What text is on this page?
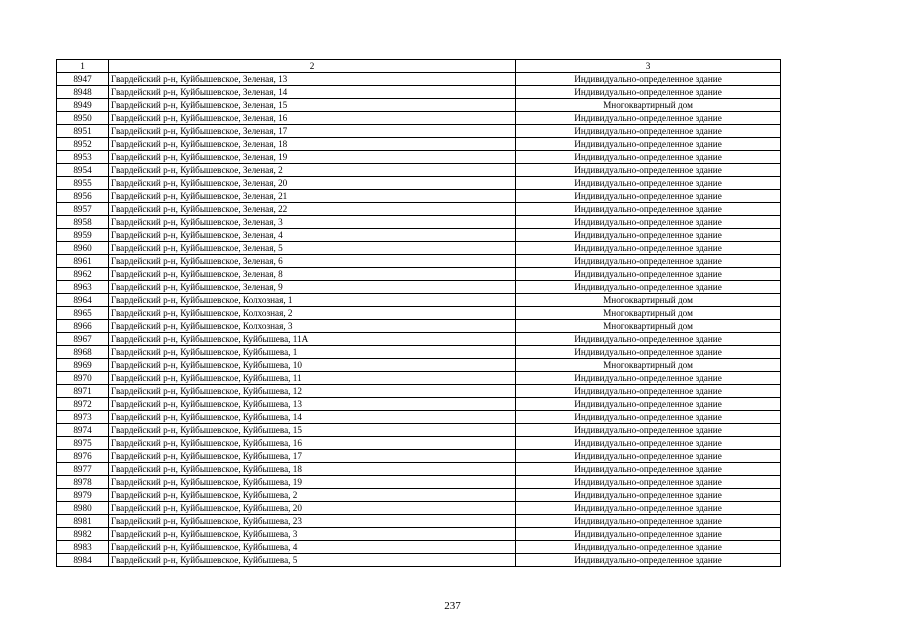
1	2	3
8947	Гвардейский р-н, Куйбышевское, Зеленая, 13	Индивидуально-определенное здание
8948	Гвардейский р-н, Куйбышевское, Зеленая, 14	Индивидуально-определенное здание
8949	Гвардейский р-н, Куйбышевское, Зеленая, 15	Многоквартирный дом
8950	Гвардейский р-н, Куйбышевское, Зеленая, 16	Индивидуально-определенное здание
8951	Гвардейский р-н, Куйбышевское, Зеленая, 17	Индивидуально-определенное здание
8952	Гвардейский р-н, Куйбышевское, Зеленая, 18	Индивидуально-определенное здание
8953	Гвардейский р-н, Куйбышевское, Зеленая, 19	Индивидуально-определенное здание
8954	Гвардейский р-н, Куйбышевское, Зеленая, 2	Индивидуально-определенное здание
8955	Гвардейский р-н, Куйбышевское, Зеленая, 20	Индивидуально-определенное здание
8956	Гвардейский р-н, Куйбышевское, Зеленая, 21	Индивидуально-определенное здание
8957	Гвардейский р-н, Куйбышевское, Зеленая, 22	Индивидуально-определенное здание
8958	Гвардейский р-н, Куйбышевское, Зеленая, 3	Индивидуально-определенное здание
8959	Гвардейский р-н, Куйбышевское, Зеленая, 4	Индивидуально-определенное здание
8960	Гвардейский р-н, Куйбышевское, Зеленая, 5	Индивидуально-определенное здание
8961	Гвардейский р-н, Куйбышевское, Зеленая, 6	Индивидуально-определенное здание
8962	Гвардейский р-н, Куйбышевское, Зеленая, 8	Индивидуально-определенное здание
8963	Гвардейский р-н, Куйбышевское, Зеленая, 9	Индивидуально-определенное здание
8964	Гвардейский р-н, Куйбышевское, Колхозная, 1	Многоквартирный дом
8965	Гвардейский р-н, Куйбышевское, Колхозная, 2	Многоквартирный дом
8966	Гвардейский р-н, Куйбышевское, Колхозная, 3	Многоквартирный дом
8967	Гвардейский р-н, Куйбышевское, Куйбышева, 11А	Индивидуально-определенное здание
8968	Гвардейский р-н, Куйбышевское, Куйбышева, 1	Индивидуально-определенное здание
8969	Гвардейский р-н, Куйбышевское, Куйбышева, 10	Многоквартирный дом
8970	Гвардейский р-н, Куйбышевское, Куйбышева, 11	Индивидуально-определенное здание
8971	Гвардейский р-н, Куйбышевское, Куйбышева, 12	Индивидуально-определенное здание
8972	Гвардейский р-н, Куйбышевское, Куйбышева, 13	Индивидуально-определенное здание
8973	Гвардейский р-н, Куйбышевское, Куйбышева, 14	Индивидуально-определенное здание
8974	Гвардейский р-н, Куйбышевское, Куйбышева, 15	Индивидуально-определенное здание
8975	Гвардейский р-н, Куйбышевское, Куйбышева, 16	Индивидуально-определенное здание
8976	Гвардейский р-н, Куйбышевское, Куйбышева, 17	Индивидуально-определенное здание
8977	Гвардейский р-н, Куйбышевское, Куйбышева, 18	Индивидуально-определенное здание
8978	Гвардейский р-н, Куйбышевское, Куйбышева, 19	Индивидуально-определенное здание
8979	Гвардейский р-н, Куйбышевское, Куйбышева, 2	Индивидуально-определенное здание
8980	Гвардейский р-н, Куйбышевское, Куйбышева, 20	Индивидуально-определенное здание
8981	Гвардейский р-н, Куйбышевское, Куйбышева, 23	Индивидуально-определенное здание
8982	Гвардейский р-н, Куйбышевское, Куйбышева, 3	Индивидуально-определенное здание
8983	Гвардейский р-н, Куйбышевское, Куйбышева, 4	Индивидуально-определенное здание
8984	Гвардейский р-н, Куйбышевское, Куйбышева, 5	Индивидуально-определенное здание
237
